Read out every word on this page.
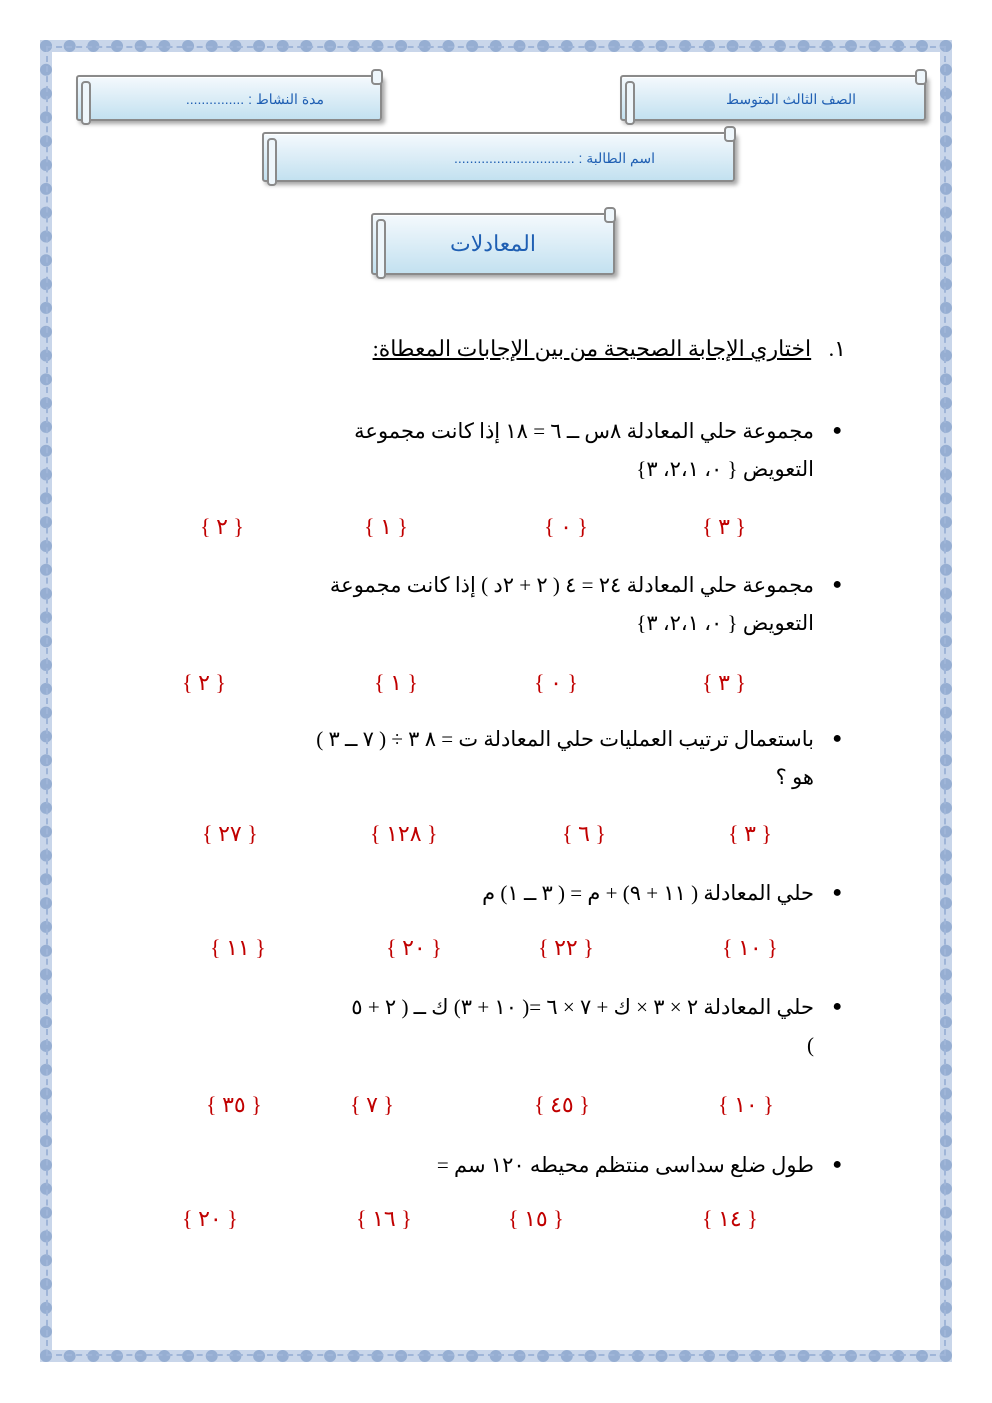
الصف الثالث المتوسط
مدة النشاط : ...............
اسم الطالبة : ...............................
المعادلات
١. اختاري الإجابة الصحيحة من بين الإجابات المعطاة:
●
مجموعة حلي المعادلة ٨س ــ ٦ = ١٨ إذا كانت مجموعة
التعويض { ٠، ٢،١، ٣}
{ ٣ }
{ ٠ }
{ ١ }
{ ٢ }
●
مجموعة حلي المعادلة ٢٤ = ٤ ( ٢ + ٢د ) إذا كانت مجموعة
التعويض { ٠، ٢،١، ٣}
{ ٣ }
{ ٠ }
{ ١ }
{ ٢ }
●
باستعمال ترتيب العمليات حلي المعادلة ت = ٨ ٣ ÷ ( ٧ ــ ٣ )
هو ؟
{ ٣ }
{ ٦ }
{ ١٢٨ }
{ ٢٧ }
●
حلي المعادلة ( ١١ + ٩) + م = ( ٣ ــ ١) م
{ ١٠ }
{ ٢٢ }
{ ٢٠ }
{ ١١ }
●
حلي المعادلة ٢ × ٣ × ك + ٧ × ٦ =( ١٠ + ٣) ك ــ ( ٢ + ٥
)
{ ١٠ }
{ ٤٥ }
{ ٧ }
{ ٣٥ }
●
طول ضلع سداسى منتظم محيطه ١٢٠ سم =
{ ١٤ }
{ ١٥ }
{ ١٦ }
{ ٢٠ }
